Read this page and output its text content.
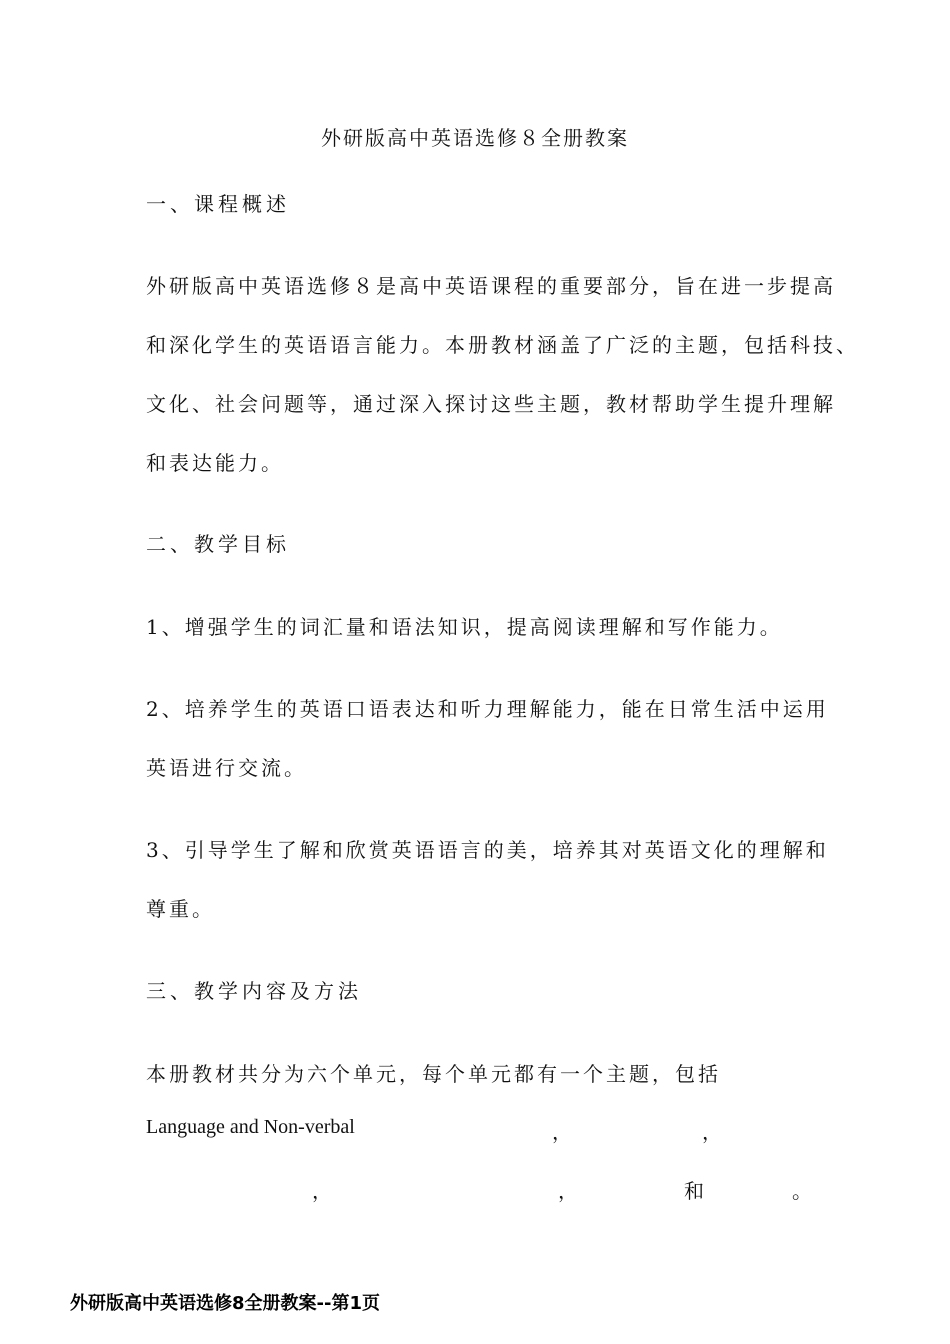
外研版高中英语选修８全册教案
一、课程概述
外研版高中英语选修８是高中英语课程的重要部分，旨在进一步提高
和深化学生的英语语言能力。本册教材涵盖了广泛的主题，包括科技、
文化、社会问题等，通过深入探讨这些主题，教材帮助学生提升理解
和表达能力。
二、教学目标
1、增强学生的词汇量和语法知识，提高阅读理解和写作能力。
2、培养学生的英语口语表达和听力理解能力，能在日常生活中运用
英语进行交流。
3、引导学生了解和欣赏英语语言的美，培养其对英语文化的理解和
尊重。
三、教学内容及方法
本册教材共分为六个单元，每个单元都有一个主题，包括
Language and Non-verbal	，	，
，	，	和	。
外研版高中英语选修8全册教案--第1页
